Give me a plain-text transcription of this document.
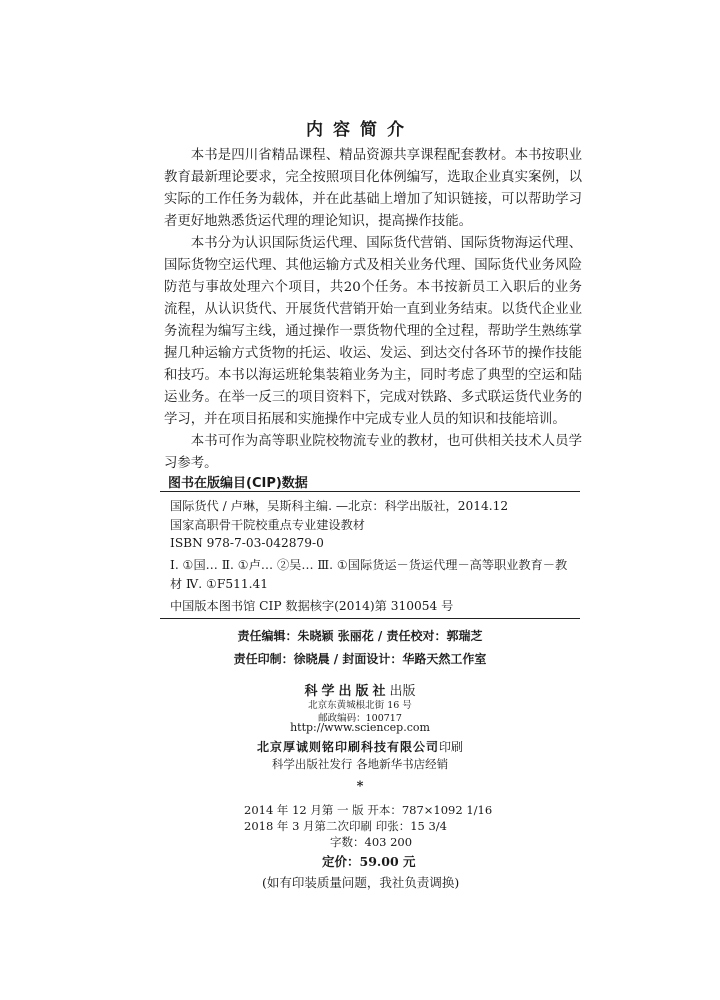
内容简介

本书是四川省精品课程、精品资源共享课程配套教材。本书按职业教育最新理论要求，完全按照项目化体例编写，选取企业真实案例，以实际的工作任务为载体，并在此基础上增加了知识链接，可以帮助学习者更好地熟悉货运代理的理论知识，提高操作技能。

本书分为认识国际货运代理、国际货代营销、国际货物海运代理、国际货物空运代理、其他运输方式及相关业务代理、国际货代业务风险防范与事故处理六个项目，共20个任务。本书按新员工入职后的业务流程，从认识货代、开展货代营销开始一直到业务结束。以货代企业业务流程为编写主线，通过操作一票货物代理的全过程，帮助学生熟练掌握几种运输方式货物的托运、收运、发运、到达交付各环节的操作技能和技巧。本书以海运班轮集装箱业务为主，同时考虑了典型的空运和陆运业务。在举一反三的项目资料下，完成对铁路、多式联运货代业务的学习，并在项目拓展和实施操作中完成专业人员的知识和技能培训。

本书可作为高等职业院校物流专业的教材，也可供相关技术人员学习参考。

图书在版编目(CIP)数据
国际货代 / 卢琳，吴斯科主编. —北京：科学出版社，2014.12
国家高职骨干院校重点专业建设教材
ISBN 978-7-03-042879-0
Ⅰ. ①国… Ⅱ. ①卢… ②吴… Ⅲ. ①国际货运－货运代理－高等职业教育－教材 Ⅳ. ①F511.41
中国版本图书馆 CIP 数据核字(2014)第 310054 号
责任编辑：朱晓颖 张丽花 / 责任校对：郭瑞芝
责任印制：徐晓晨 / 封面设计：华路天然工作室
科学出版社出版
北京东黄城根北街 16 号
邮政编码：100717
http://www.sciencep.com
北京厚诚则铭印刷科技有限公司印刷
科学出版社发行 各地新华书店经销
*
2014 年 12 月第 一 版 开本：787×1092 1/16
2018 年 3 月第二次印刷 印张：15 3/4
字数：403 200
定价：59.00 元
(如有印装质量问题，我社负责调换)
